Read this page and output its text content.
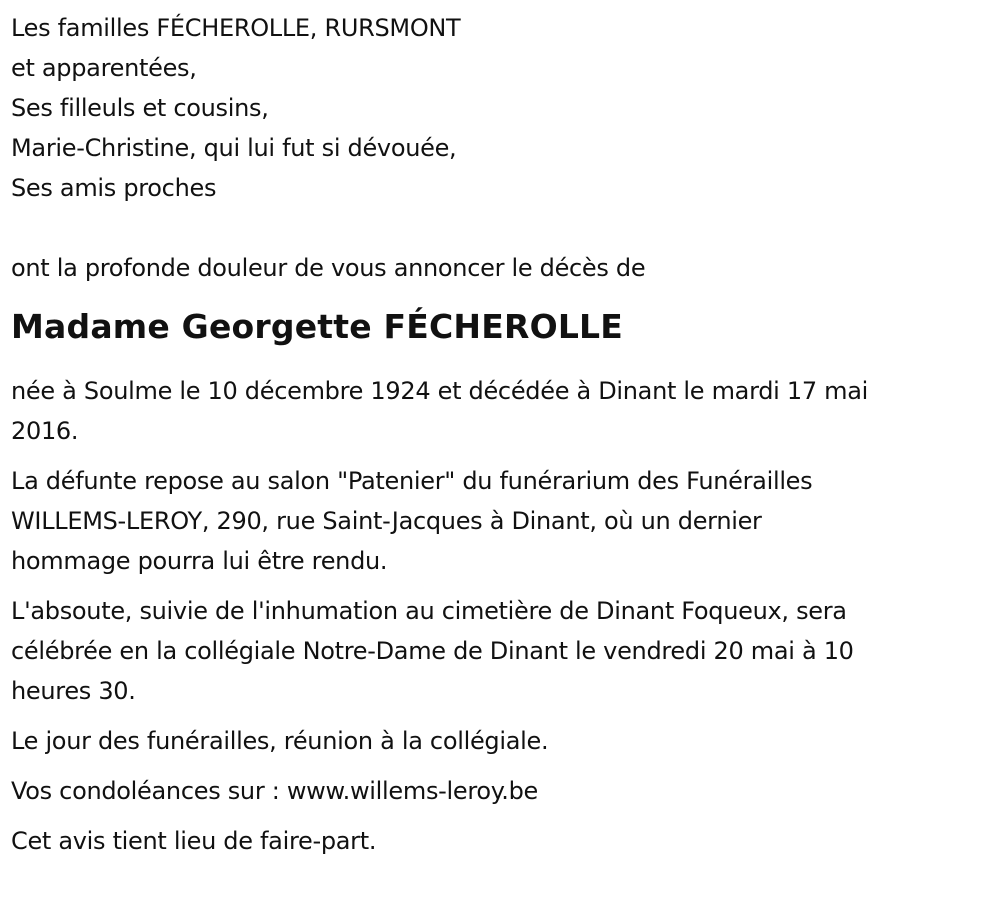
Les familles FÉCHEROLLE, RURSMONT
et apparentées,
Ses filleuls et cousins,
Marie-Christine, qui lui fut si dévouée,
Ses amis proches
ont la profonde douleur de vous annoncer le décès de
Madame Georgette FÉCHEROLLE
née à Soulme le 10 décembre 1924 et décédée à Dinant le mardi 17 mai
2016.
La défunte repose au salon "Patenier" du funérarium des Funérailles
WILLEMS-LEROY, 290, rue Saint-Jacques à Dinant, où un dernier
hommage pourra lui être rendu.
L'absoute, suivie de l'inhumation au cimetière de Dinant Foqueux, sera
célébrée en la collégiale Notre-Dame de Dinant le vendredi 20 mai à 10
heures 30.
Le jour des funérailles, réunion à la collégiale.
Vos condoléances sur : www.willems-leroy.be
Cet avis tient lieu de faire-part.
